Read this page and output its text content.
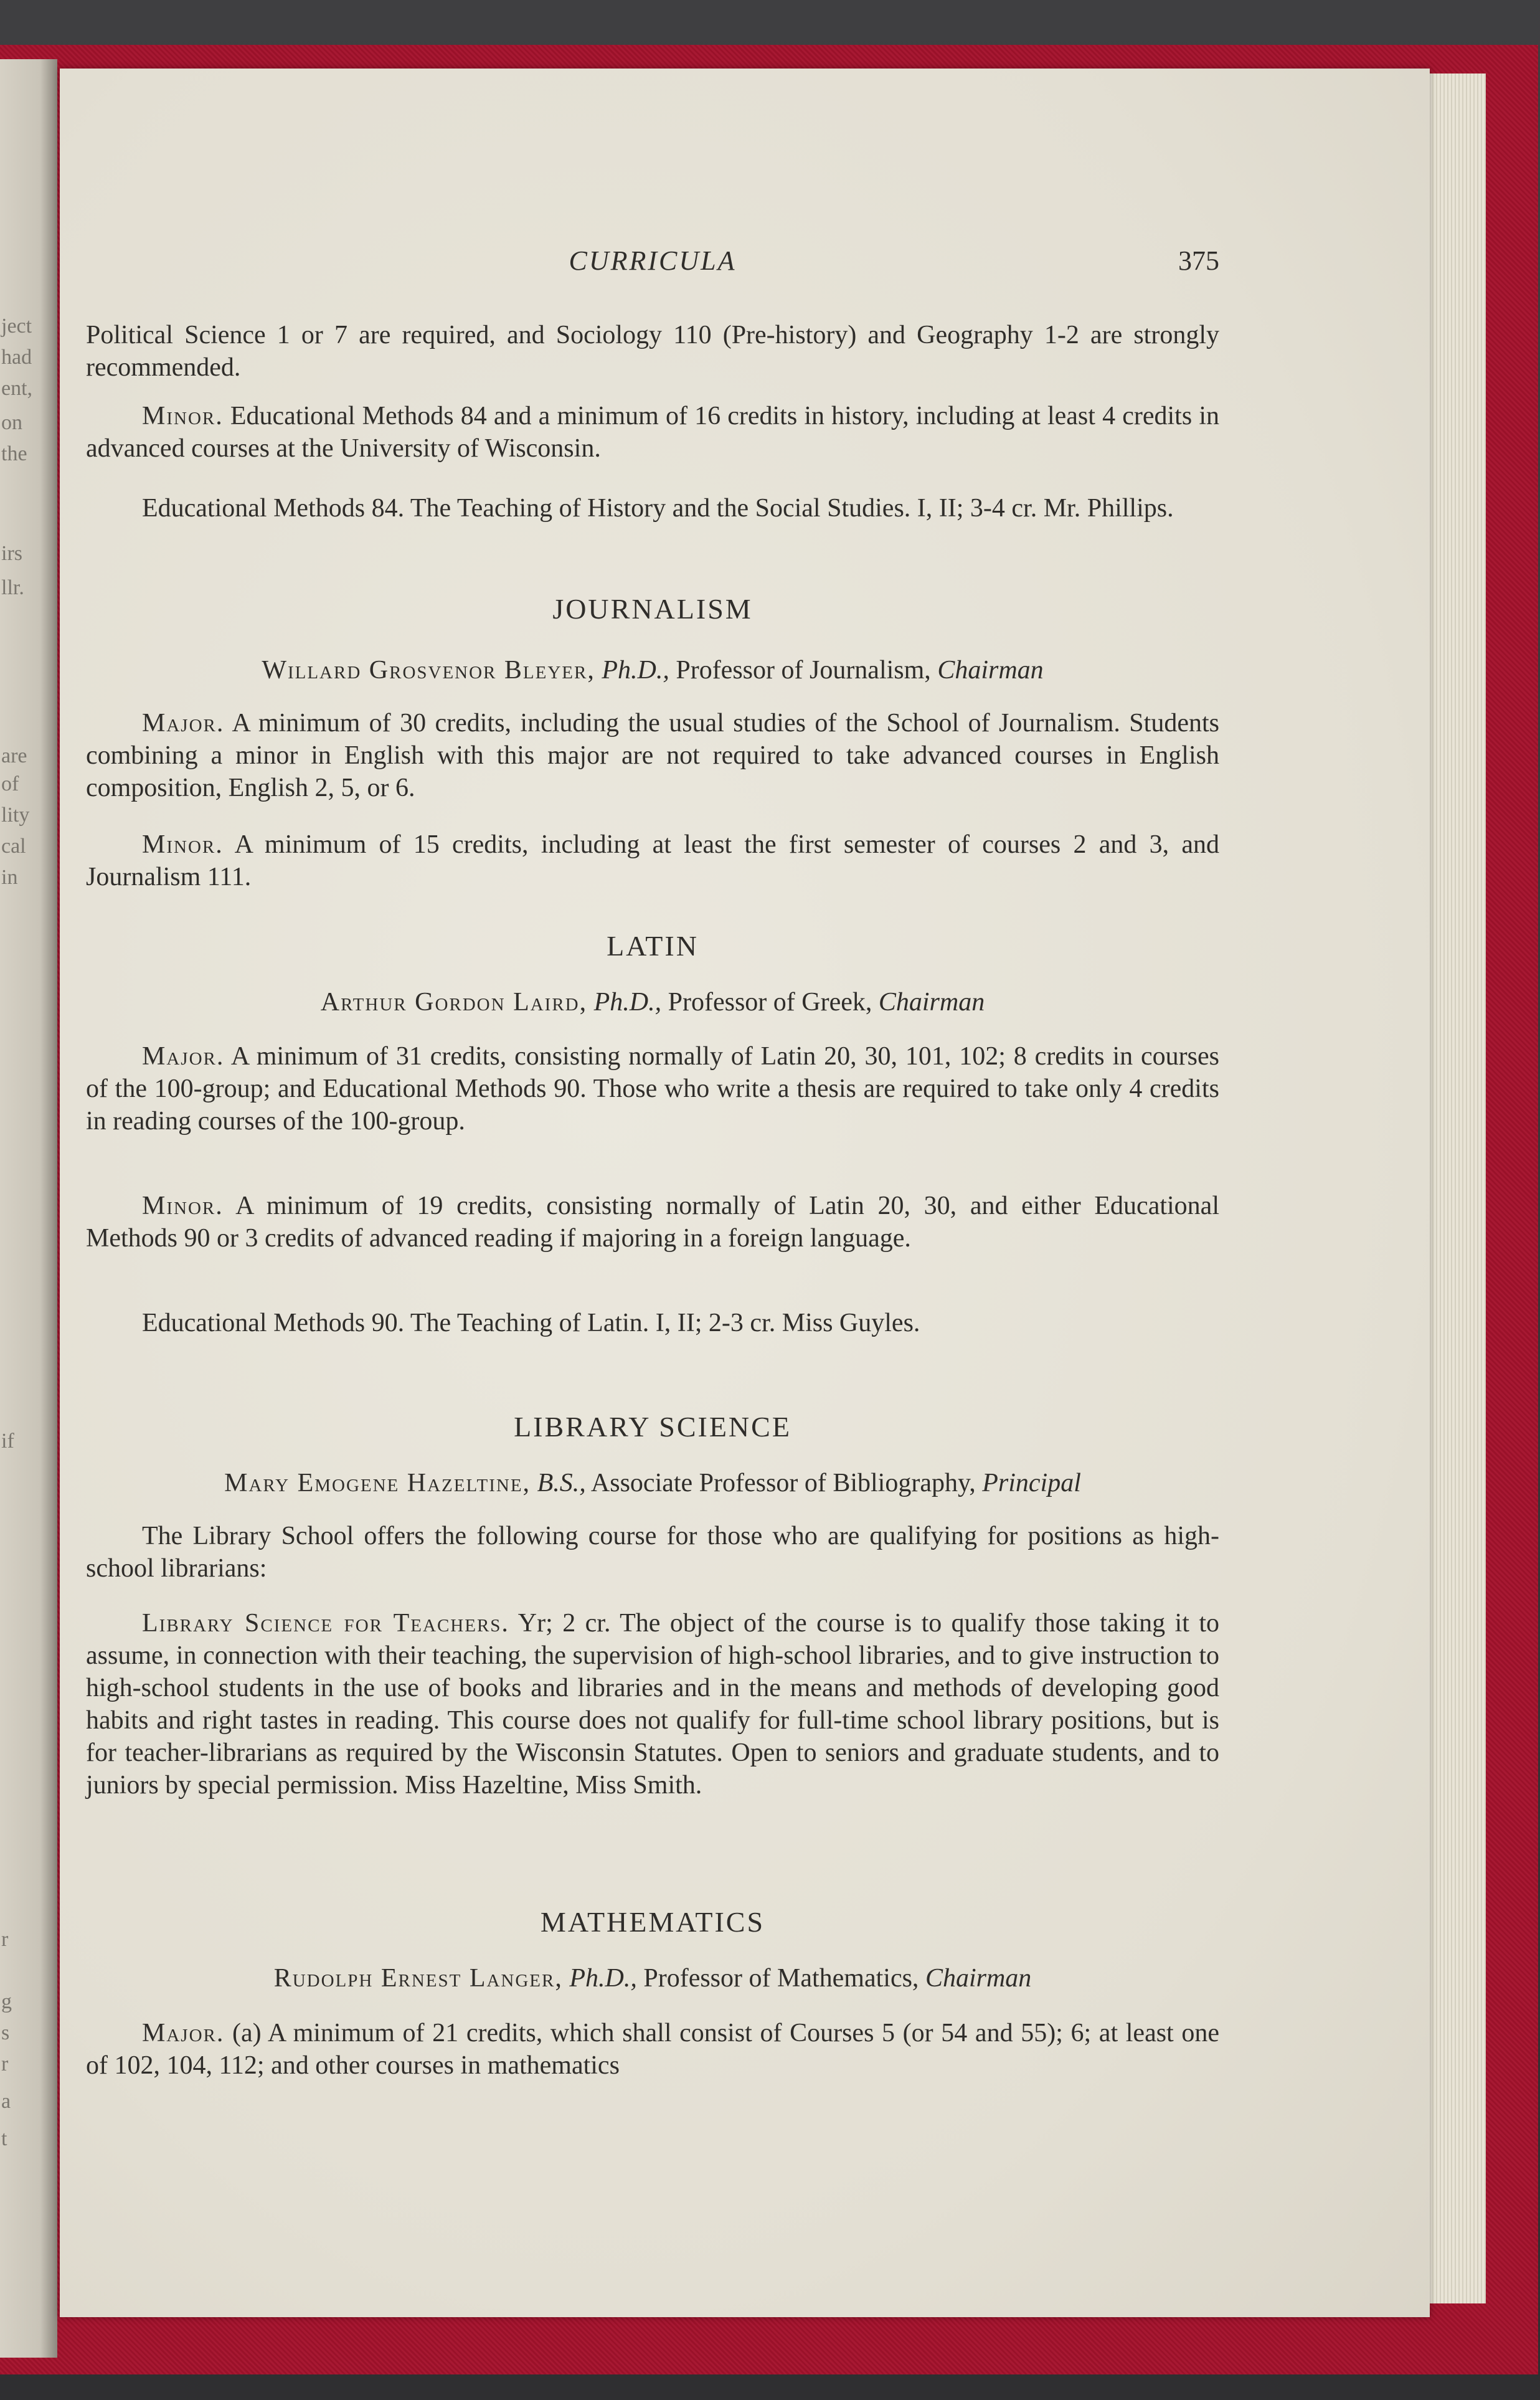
ject
had
ent,
on
the
irs
llr.
are
of
lity
cal
in
if
r
g
s
r
a
t
CURRICULA	375

Political Science 1 or 7 are required, and Sociology 110 (Pre-history) and Geography 1-2 are strongly recommended.

Minor. Educational Methods 84 and a minimum of 16 credits in history, including at least 4 credits in advanced courses at the University of Wisconsin.

Educational Methods 84. The Teaching of History and the Social Studies. I, II; 3-4 cr. Mr. Phillips.

JOURNALISM

Willard Grosvenor Bleyer, Ph.D., Professor of Journalism, Chairman

Major. A minimum of 30 credits, including the usual studies of the School of Journalism. Students combining a minor in English with this major are not required to take advanced courses in English composition, English 2, 5, or 6.

Minor. A minimum of 15 credits, including at least the first semester of courses 2 and 3, and Journalism 111.

LATIN

Arthur Gordon Laird, Ph.D., Professor of Greek, Chairman

Major. A minimum of 31 credits, consisting normally of Latin 20, 30, 101, 102; 8 credits in courses of the 100-group; and Educational Methods 90. Those who write a thesis are required to take only 4 credits in reading courses of the 100-group.

Minor. A minimum of 19 credits, consisting normally of Latin 20, 30, and either Educational Methods 90 or 3 credits of advanced reading if majoring in a foreign language.

Educational Methods 90. The Teaching of Latin. I, II; 2-3 cr. Miss Guyles.

LIBRARY SCIENCE

Mary Emogene Hazeltine, B.S., Associate Professor of Bibliography, Principal

The Library School offers the following course for those who are qualifying for positions as high-school librarians:

Library Science for Teachers. Yr; 2 cr. The object of the course is to qualify those taking it to assume, in connection with their teaching, the supervision of high-school libraries, and to give instruction to high-school students in the use of books and libraries and in the means and methods of developing good habits and right tastes in reading. This course does not qualify for full-time school library positions, but is for teacher-librarians as required by the Wisconsin Statutes. Open to seniors and graduate students, and to juniors by special permission. Miss Hazeltine, Miss Smith.

MATHEMATICS

Rudolph Ernest Langer, Ph.D., Professor of Mathematics, Chairman

Major. (a) A minimum of 21 credits, which shall consist of Courses 5 (or 54 and 55); 6; at least one of 102, 104, 112; and other courses in mathematics
